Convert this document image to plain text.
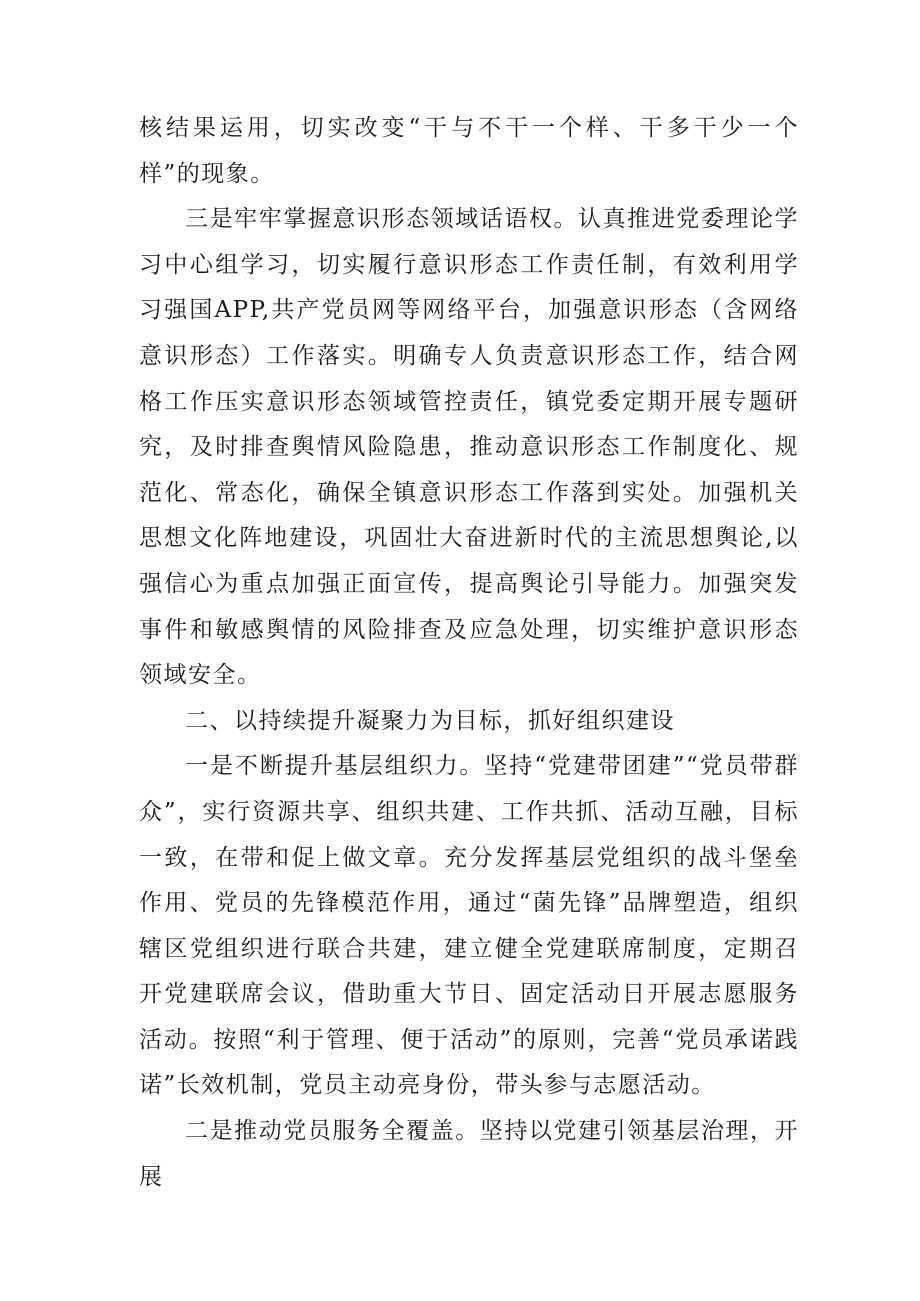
核结果运用，切实改变“干与不干一个样、干多干少一个样”的现象。

三是牢牢掌握意识形态领域话语权。认真推进党委理论学习中心组学习，切实履行意识形态工作责任制，有效利用学习强国APP,共产党员网等网络平台，加强意识形态（含网络意识形态）工作落实。明确专人负责意识形态工作，结合网格工作压实意识形态领域管控责任，镇党委定期开展专题研究，及时排查舆情风险隐患，推动意识形态工作制度化、规范化、常态化，确保全镇意识形态工作落到实处。加强机关思想文化阵地建设，巩固壮大奋进新时代的主流思想舆论,以强信心为重点加强正面宣传，提高舆论引导能力。加强突发事件和敏感舆情的风险排查及应急处理，切实维护意识形态领域安全。

二、以持续提升凝聚力为目标，抓好组织建设

一是不断提升基层组织力。坚持“党建带团建”“党员带群众”，实行资源共享、组织共建、工作共抓、活动互融，目标一致，在带和促上做文章。充分发挥基层党组织的战斗堡垒作用、党员的先锋模范作用，通过“菌先锋”品牌塑造，组织辖区党组织进行联合共建，建立健全党建联席制度，定期召开党建联席会议，借助重大节日、固定活动日开展志愿服务活动。按照“利于管理、便于活动”的原则，完善“党员承诺践诺”长效机制，党员主动亮身份，带头参与志愿活动。

二是推动党员服务全覆盖。坚持以党建引领基层治理，开展
